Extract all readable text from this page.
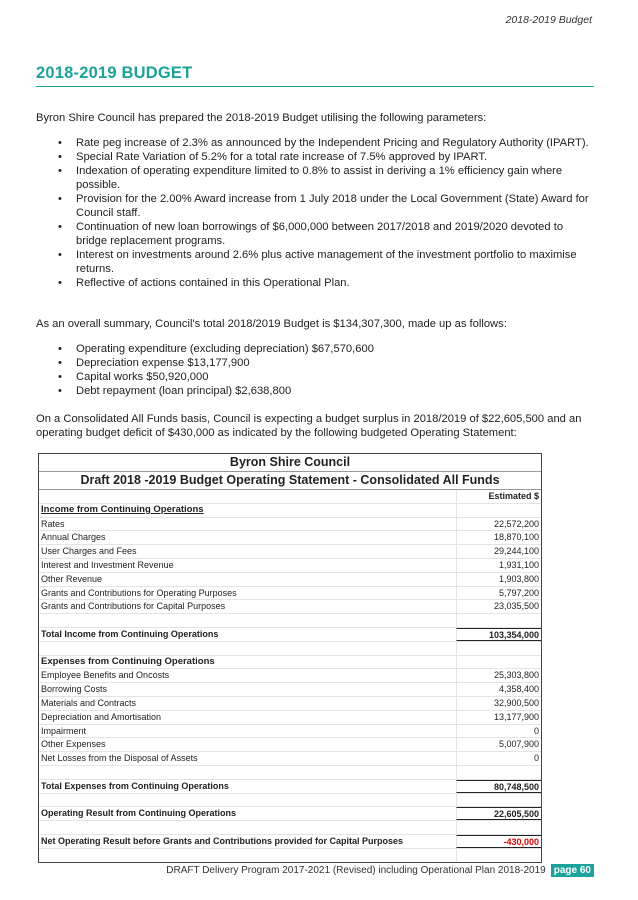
2018-2019 Budget
2018-2019 BUDGET
Byron Shire Council has prepared the 2018-2019 Budget utilising the following parameters:
• Rate peg increase of 2.3% as announced by the Independent Pricing and Regulatory Authority (IPART).
• Special Rate Variation of 5.2% for a total rate increase of 7.5% approved by IPART.
• Indexation of operating expenditure limited to 0.8% to assist in deriving a 1% efficiency gain where possible.
• Provision for the 2.00% Award increase from 1 July 2018 under the Local Government (State) Award for Council staff.
• Continuation of new loan borrowings of $6,000,000 between 2017/2018 and 2019/2020 devoted to bridge replacement programs.
• Interest on investments around 2.6% plus active management of the investment portfolio to maximise returns.
• Reflective of actions contained in this Operational Plan.
As an overall summary, Council's total 2018/2019 Budget is $134,307,300, made up as follows:
• Operating expenditure (excluding depreciation) $67,570,600
• Depreciation expense $13,177,900
• Capital works $50,920,000
• Debt repayment (loan principal) $2,638,800
On a Consolidated All Funds basis, Council is expecting a budget surplus in 2018/2019 of $22,605,500 and an operating budget deficit of $430,000 as indicated by the following budgeted Operating Statement:
Byron Shire Council
Draft 2018 -2019 Budget Operating Statement - Consolidated All Funds
Estimated $
Income from Continuing Operations
Rates	22,572,200
Annual Charges	18,870,100
User Charges and Fees	29,244,100
Interest and Investment Revenue	1,931,100
Other Revenue	1,903,800
Grants and Contributions for Operating Purposes	5,797,200
Grants and Contributions for Capital Purposes	23,035,500
Total Income from Continuing Operations	103,354,000
Expenses from Continuing Operations
Employee Benefits and Oncosts	25,303,800
Borrowing Costs	4,358,400
Materials and Contracts	32,900,500
Depreciation and Amortisation	13,177,900
Impairment	0
Other Expenses	5,007,900
Net Losses from the Disposal of Assets	0
Total Expenses from Continuing Operations	80,748,500
Operating Result from Continuing Operations	22,605,500
Net Operating Result before Grants and Contributions provided for Capital Purposes	-430,000
DRAFT Delivery Program 2017-2021 (Revised) including Operational Plan 2018-2019 page 60
